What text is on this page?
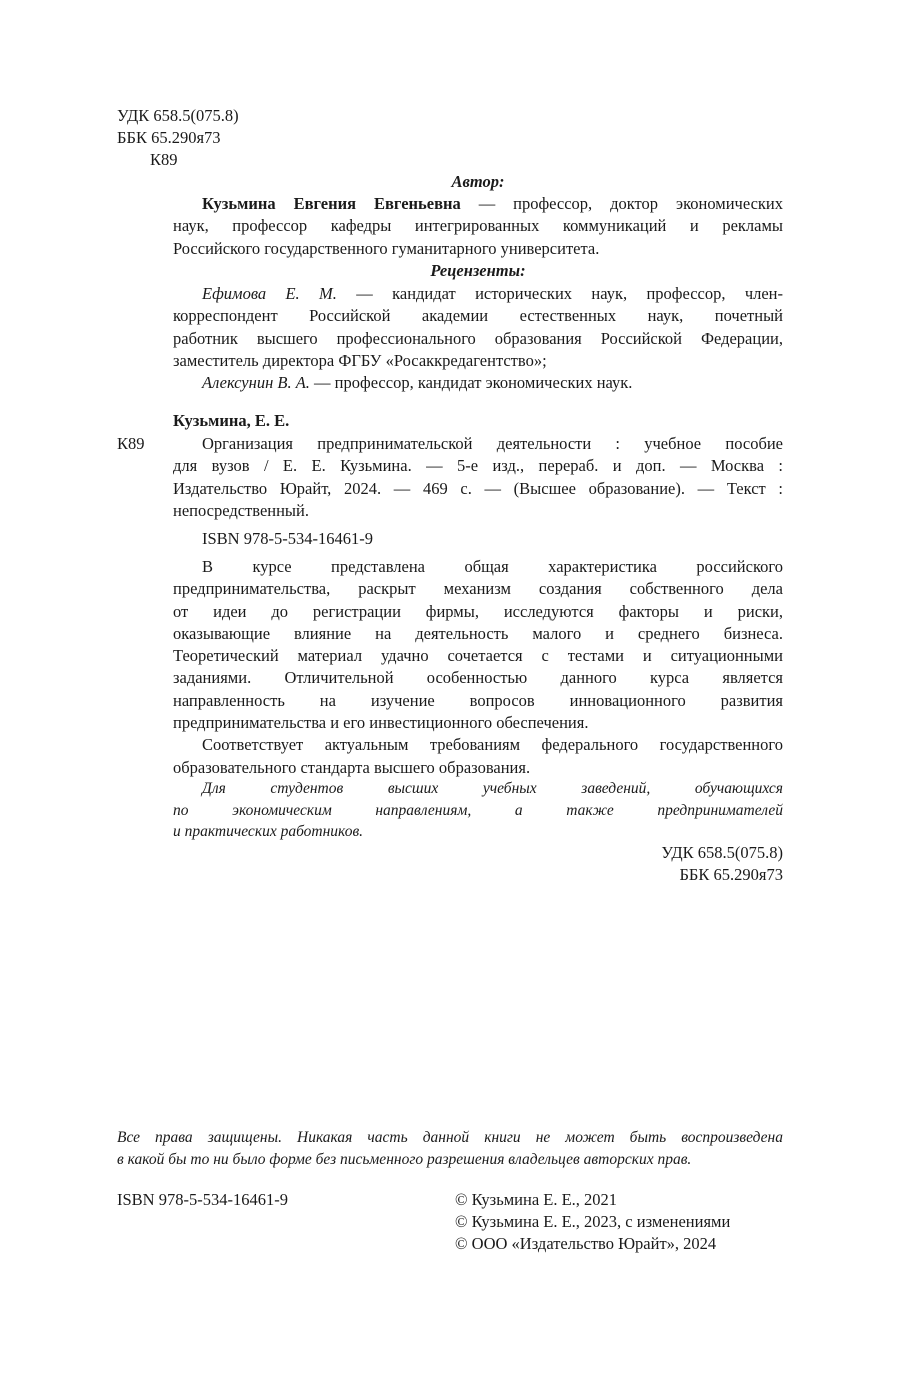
УДК 658.5(075.8)
ББК 65.290я73
К89
Автор:
Кузьмина Евгения Евгеньевна — профессор, доктор экономических
наук, профессор кафедры интегрированных коммуникаций и рекламы
Российского государственного гуманитарного университета.
Рецензенты:
Ефимова Е. М. — кандидат исторических наук, профессор, член-
корреспондент Российской академии естественных наук, почетный
работник высшего профессионального образования Российской Федерации,
заместитель директора ФГБУ «Росаккредагентство»;
Алексунин В. А. — профессор, кандидат экономических наук.
Кузьмина, Е. Е.
К89	Организация предпринимательской деятельности : учебное пособие
для вузов / Е. Е. Кузьмина. — 5-е изд., перераб. и доп. — Москва :
Издательство Юрайт, 2024. — 469 с. — (Высшее образование). — Текст :
непосредственный.
ISBN 978-5-534-16461-9
В курсе представлена общая характеристика российского
предпринимательства, раскрыт механизм создания собственного дела
от идеи до регистрации фирмы, исследуются факторы и риски,
оказывающие влияние на деятельность малого и среднего бизнеса.
Теоретический материал удачно сочетается с тестами и ситуационными
заданиями. Отличительной особенностью данного курса является
направленность на изучение вопросов инновационного развития
предпринимательства и его инвестиционного обеспечения.
Соответствует актуальным требованиям федерального государственного
образовательного стандарта высшего образования.
Для студентов высших учебных заведений, обучающихся
по экономическим направлениям, а также предпринимателей
и практических работников.
УДК 658.5(075.8)
ББК 65.290я73
Все права защищены. Никакая часть данной книги не может быть воспроизведена
в какой бы то ни было форме без письменного разрешения владельцев авторских прав.
ISBN 978-5-534-16461-9	© Кузьмина Е. Е., 2021
© Кузьмина Е. Е., 2023, с изменениями
© ООО «Издательство Юрайт», 2024
